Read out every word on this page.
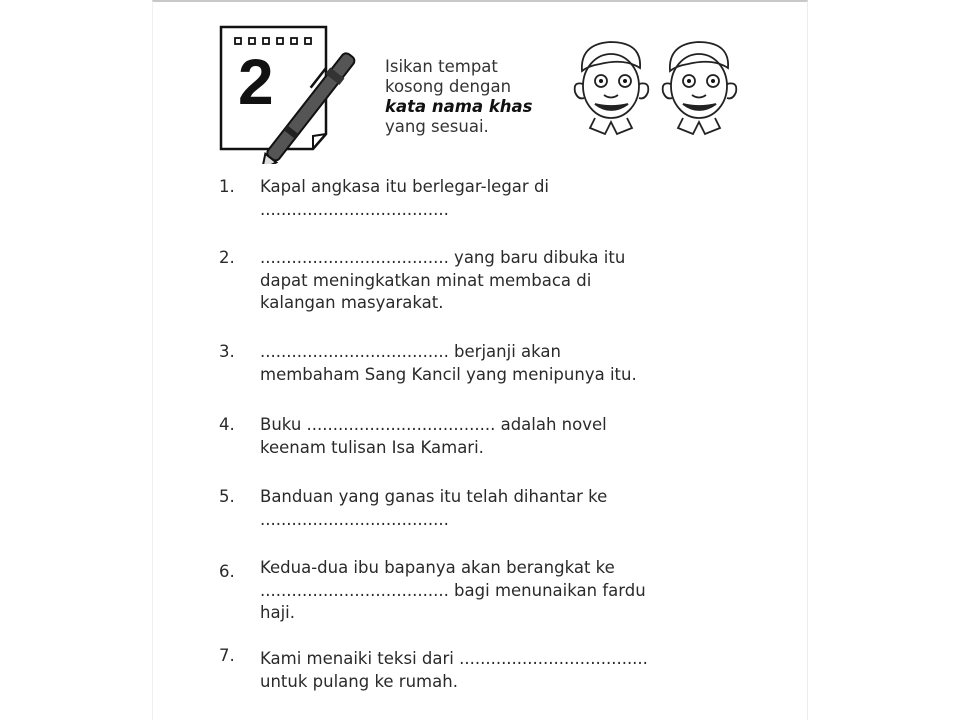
2	Isikan tempat
kosong dengan
kata nama khas
yang sesuai.
1.	Kapal angkasa itu berlegar-legar di
....................................
2.	.................................... yang baru dibuka itu
dapat meningkatkan minat membaca di
kalangan masyarakat.
3.	.................................... berjanji akan
membaham Sang Kancil yang menipunya itu.
4.	Buku .................................... adalah novel
keenam tulisan Isa Kamari.
5.	Banduan yang ganas itu telah dihantar ke
....................................
6.	Kedua-dua ibu bapanya akan berangkat ke
.................................... bagi menunaikan fardu
haji.
7.	Kami menaiki teksi dari ....................................
untuk pulang ke rumah.
